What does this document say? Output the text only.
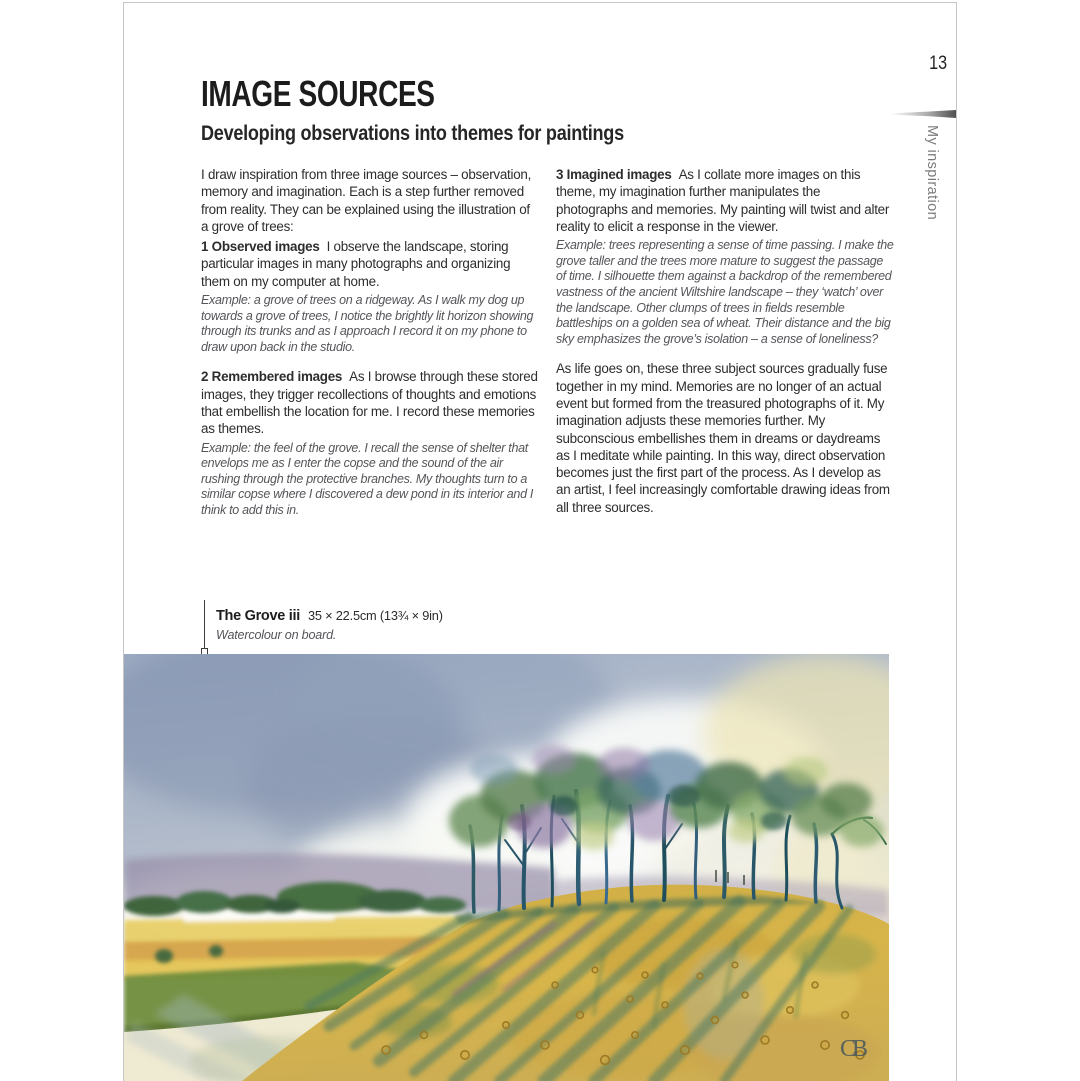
IMAGE SOURCES
Developing observations into themes for paintings
13
My inspiration

I draw inspiration from three image sources – observation, memory and imagination. Each is a step further removed from reality. They can be explained using the illustration of a grove of trees:

1 Observed images I observe the landscape, storing particular images in many photographs and organizing them on my computer at home.

Example: a grove of trees on a ridgeway. As I walk my dog up towards a grove of trees, I notice the brightly lit horizon showing through its trunks and as I approach I record it on my phone to draw upon back in the studio.

2 Remembered images As I browse through these stored images, they trigger recollections of thoughts and emotions that embellish the location for me. I record these memories as themes.

Example: the feel of the grove. I recall the sense of shelter that envelops me as I enter the copse and the sound of the air rushing through the protective branches. My thoughts turn to a similar copse where I discovered a dew pond in its interior and I think to add this in.

3 Imagined images As I collate more images on this theme, my imagination further manipulates the photographs and memories. My painting will twist and alter reality to elicit a response in the viewer.

Example: trees representing a sense of time passing. I make the grove taller and the trees more mature to suggest the passage of time. I silhouette them against a backdrop of the remembered vastness of the ancient Wiltshire landscape – they ‘watch’ over the landscape. Other clumps of trees in fields resemble battleships on a golden sea of wheat. Their distance and the big sky emphasizes the grove’s isolation – a sense of loneliness?

As life goes on, these three subject sources gradually fuse together in my mind. Memories are no longer of an actual event but formed from the treasured photographs of it. My imagination adjusts these memories further. My subconscious embellishes them in dreams or daydreams as I meditate while painting. In this way, direct observation becomes just the first part of the process. As I develop as an artist, I feel increasingly comfortable drawing ideas from all three sources.

The Grove iii 35 × 22.5cm (13¾ × 9in)
Watercolour on board.
CB
